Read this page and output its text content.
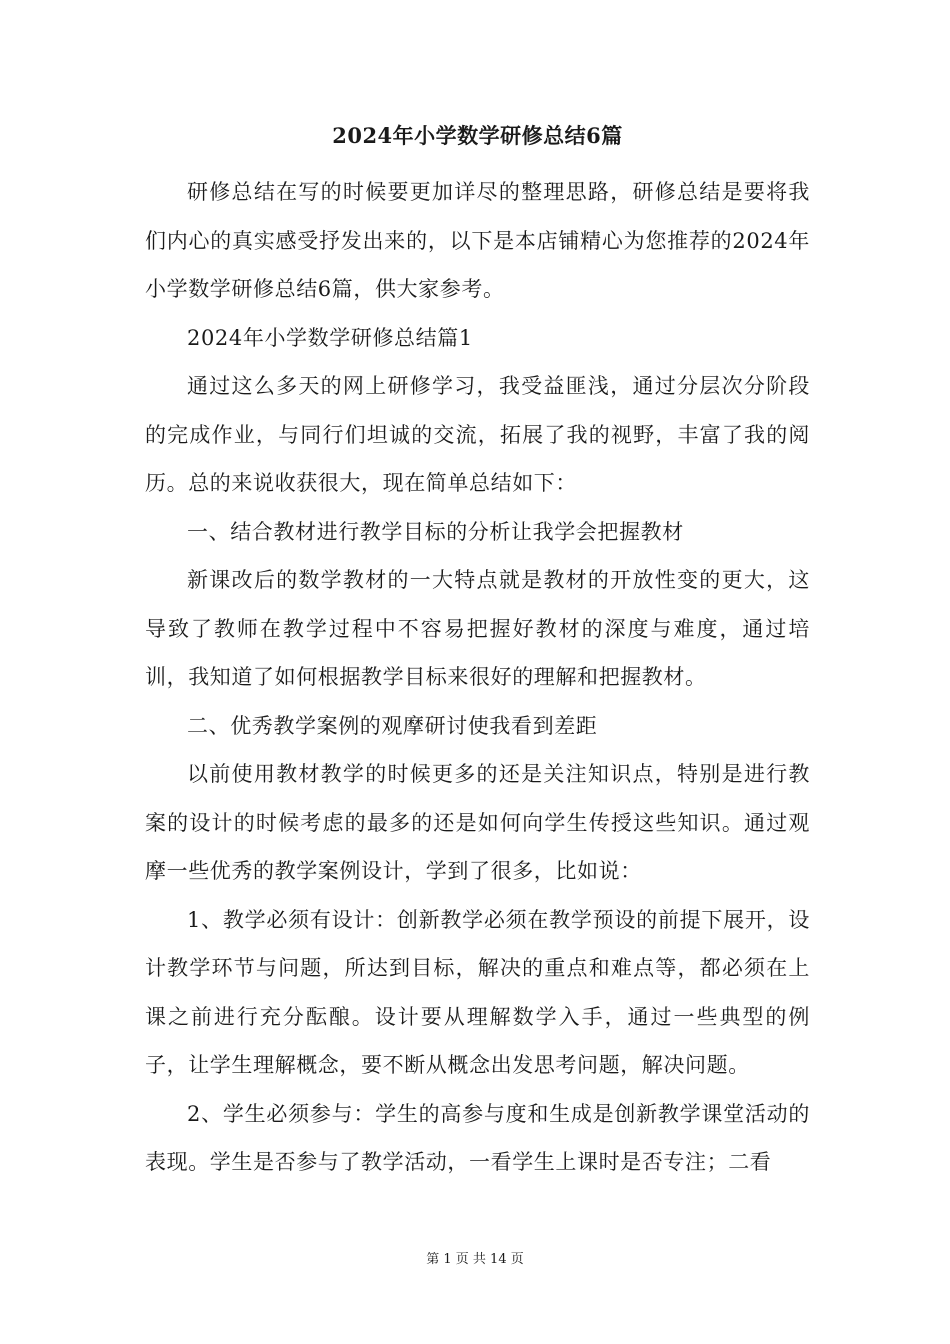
2024年小学数学研修总结6篇

研修总结在写的时候要更加详尽的整理思路，研修总结是要将我们内心的真实感受抒发出来的，以下是本店铺精心为您推荐的2024年小学数学研修总结6篇，供大家参考。

2024年小学数学研修总结篇1

通过这么多天的网上研修学习，我受益匪浅，通过分层次分阶段的完成作业，与同行们坦诚的交流，拓展了我的视野，丰富了我的阅历。总的来说收获很大，现在简单总结如下：

一、结合教材进行教学目标的分析让我学会把握教材

新课改后的数学教材的一大特点就是教材的开放性变的更大，这导致了教师在教学过程中不容易把握好教材的深度与难度，通过培训，我知道了如何根据教学目标来很好的理解和把握教材。

二、优秀教学案例的观摩研讨使我看到差距

以前使用教材教学的时候更多的还是关注知识点，特别是进行教案的设计的时候考虑的最多的还是如何向学生传授这些知识。通过观摩一些优秀的教学案例设计，学到了很多，比如说：

1、教学必须有设计：创新教学必须在教学预设的前提下展开，设计教学环节与问题，所达到目标，解决的重点和难点等，都必须在上课之前进行充分酝酿。设计要从理解数学入手，通过一些典型的例子，让学生理解概念，要不断从概念出发思考问题，解决问题。

2、学生必须参与：学生的高参与度和生成是创新教学课堂活动的表现。学生是否参与了教学活动，一看学生上课时是否专注；二看

第 1 页 共 14 页
